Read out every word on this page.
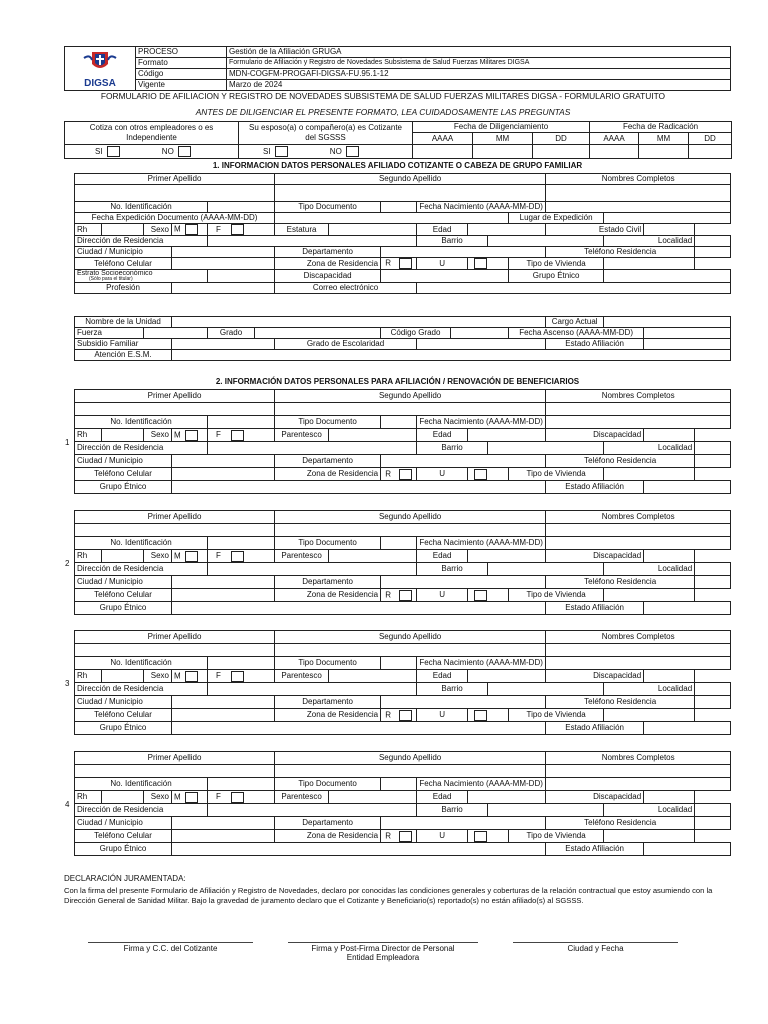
DIGSA	PROCESO	Gestión de la Afiliación GRUGA
	Formato	Formulario de Afiliación y Registro de Novedades Subsistema de Salud Fuerzas Militares DIGSA
	Código	MDN-COGFM-PROGAFI-DIGSA-FU.95.1-12
	Vigente	Marzo de 2024
FORMULARIO DE AFILIACION Y REGISTRO DE NOVEDADES SUBSISTEMA DE SALUD FUERZAS MILITARES DIGSA - FORMULARIO GRATUITO
ANTES DE DILIGENCIAR EL PRESENTE FORMATO, LEA CUIDADOSAMENTE LAS PREGUNTAS
Cotiza con otros empleadores o es Independiente	Su esposo(a) o compañero(a) es Cotizante del SGSSS	Fecha de Diligenciamiento			Fecha de Radicación		
		AAAA	MM	DD	AAAA	MM	DD
SI NO	SI NO						
1. INFORMACION DATOS PERSONALES AFILIADO COTIZANTE O CABEZA DE GRUPO FAMILIAR
Primer Apellido					Segundo Apellido							Nombres Completos			

No. Identificación					Tipo Documento			Fecha Nacimiento (AAAA-MM-DD)							
Fecha Expedición Documento (AAAA-MM-DD)											Lugar de Expedición				
Rh		Sexo	M	F	Estatura			Edad				Estado Civil			
Dirección de Residencia								Barrio					Localidad		
Ciudad / Municipio					Departamento							Teléfono Residencia			
Teléfono Celular					Zona de Residencia		R	U			Tipo de Vivienda				

Estrato Socioeconómico
(Sólo para el titular)					Discapacidad						Grupo Étnico				
Profesión					Correo electrónico										
Nombre de la Unidad										Cargo Actual		
Fuerza			Grado			Código Grado			Fecha Ascenso (AAAA-MM-DD)			
Subsidio Familiar					Grado de Escolaridad					Estado Afiliación		
Atención E.S.M.												
2. INFORMACIÓN DATOS PERSONALES PARA AFILIACIÓN / RENOVACIÓN DE BENEFICIARIOS
Primer Apellido					Segundo Apellido							Nombres Completos			

No. Identificación					Tipo Documento			Fecha Nacimiento (AAAA-MM-DD)							
Rh		Sexo	M	F	Parentesco			Edad				Discapacidad			
Dirección de Residencia								Barrio					Localidad		
Ciudad / Municipio					Departamento							Teléfono Residencia			
Teléfono Celular					Zona de Residencia		R	U			Tipo de Vivienda				
Grupo Étnico												Estado Afiliación			
1
Primer Apellido					Segundo Apellido							Nombres Completos			

No. Identificación					Tipo Documento			Fecha Nacimiento (AAAA-MM-DD)							
Rh		Sexo	M	F	Parentesco			Edad				Discapacidad			
Dirección de Residencia								Barrio					Localidad		
Ciudad / Municipio					Departamento							Teléfono Residencia			
Teléfono Celular					Zona de Residencia		R	U			Tipo de Vivienda				
Grupo Étnico												Estado Afiliación			
2
Primer Apellido					Segundo Apellido							Nombres Completos			

No. Identificación					Tipo Documento			Fecha Nacimiento (AAAA-MM-DD)							
Rh		Sexo	M	F	Parentesco			Edad				Discapacidad			
Dirección de Residencia								Barrio					Localidad		
Ciudad / Municipio					Departamento							Teléfono Residencia			
Teléfono Celular					Zona de Residencia		R	U			Tipo de Vivienda				
Grupo Étnico												Estado Afiliación			
3
Primer Apellido					Segundo Apellido							Nombres Completos			

No. Identificación					Tipo Documento			Fecha Nacimiento (AAAA-MM-DD)							
Rh		Sexo	M	F	Parentesco			Edad				Discapacidad			
Dirección de Residencia								Barrio					Localidad		
Ciudad / Municipio					Departamento							Teléfono Residencia			
Teléfono Celular					Zona de Residencia		R	U			Tipo de Vivienda				
Grupo Étnico												Estado Afiliación			
4
DECLARACIÓN JURAMENTADA:
Con la firma del presente Formulario de Afiliación y Registro de Novedades, declaro por conocidas las condiciones generales y coberturas de la relación contractual que estoy asumiendo con la Dirección General de Sanidad Militar. Bajo la gravedad de juramento declaro que el Cotizante y Beneficiario(s) reportado(s) no están afiliado(s) al SGSSS.
Firma y C.C. del Cotizante	Firma y Post-Firma Director de Personal
Entidad Empleadora
Ciudad y Fecha
